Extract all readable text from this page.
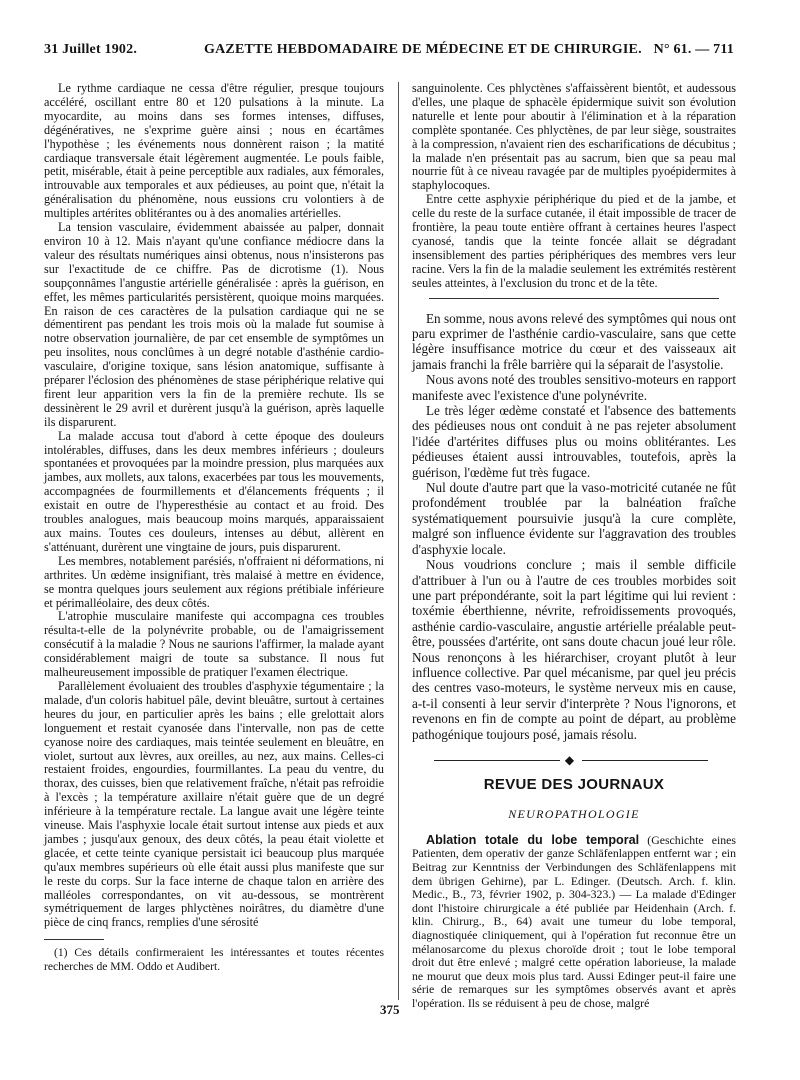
31 Juillet 1902.	GAZETTE HEBDOMADAIRE DE MÉDECINE ET DE CHIRURGIE. N° 61. — 711

Le rythme cardiaque ne cessa d'être régulier, presque toujours accéléré, oscillant entre 80 et 120 pulsations à la minute. La myocardite, au moins dans ses formes intenses, diffuses, dégénératives, ne s'exprime guère ainsi ; nous en écartâmes l'hypothèse ; les événements nous donnèrent raison ; la matité cardiaque transversale était légèrement augmentée. Le pouls faible, petit, misérable, était à peine perceptible aux radiales, aux fémorales, introuvable aux temporales et aux pédieuses, au point que, n'était la généralisation du phénomène, nous eussions cru volontiers à de multiples artérites oblitérantes ou à des anomalies artérielles.

La tension vasculaire, évidemment abaissée au palper, donnait environ 10 à 12. Mais n'ayant qu'une confiance médiocre dans la valeur des résultats numériques ainsi obtenus, nous n'insisterons pas sur l'exactitude de ce chiffre. Pas de dicrotisme (1). Nous soupçonnâmes l'angustie artérielle généralisée : après la guérison, en effet, les mêmes particularités persistèrent, quoique moins marquées. En raison de ces caractères de la pulsation cardiaque qui ne se démentirent pas pendant les trois mois où la malade fut soumise à notre observation journalière, de par cet ensemble de symptômes un peu insolites, nous conclûmes à un degré notable d'asthénie cardio-vasculaire, d'origine toxique, sans lésion anatomique, suffisante à préparer l'éclosion des phénomènes de stase périphérique relative qui firent leur apparition vers la fin de la première rechute. Ils se dessinèrent le 29 avril et durèrent jusqu'à la guérison, après laquelle ils disparurent.

La malade accusa tout d'abord à cette époque des douleurs intolérables, diffuses, dans les deux membres inférieurs ; douleurs spontanées et provoquées par la moindre pression, plus marquées aux jambes, aux mollets, aux talons, exacerbées par tous les mouvements, accompagnées de fourmillements et d'élancements fréquents ; il existait en outre de l'hyperesthésie au contact et au froid. Des troubles analogues, mais beaucoup moins marqués, apparaissaient aux mains. Toutes ces douleurs, intenses au début, allèrent en s'atténuant, durèrent une vingtaine de jours, puis disparurent.

Les membres, notablement parésiés, n'offraient ni déformations, ni arthrites. Un œdème insignifiant, très malaisé à mettre en évidence, se montra quelques jours seulement aux régions prétibiale inférieure et périmalléolaire, des deux côtés.

L'atrophie musculaire manifeste qui accompagna ces troubles résulta-t-elle de la polynévrite probable, ou de l'amaigrissement consécutif à la maladie ? Nous ne saurions l'affirmer, la malade ayant considérablement maigri de toute sa substance. Il nous fut malheureusement impossible de pratiquer l'examen électrique.

Parallèlement évoluaient des troubles d'asphyxie tégumentaire ; la malade, d'un coloris habituel pâle, devint bleuâtre, surtout à certaines heures du jour, en particulier après les bains ; elle grelottait alors longuement et restait cyanosée dans l'intervalle, non pas de cette cyanose noire des cardiaques, mais teintée seulement en bleuâtre, en violet, surtout aux lèvres, aux oreilles, au nez, aux mains. Celles-ci restaient froides, engourdies, fourmillantes. La peau du ventre, du thorax, des cuisses, bien que relativement fraîche, n'était pas refroidie à l'excès ; la température axillaire n'était guère que de un degré inférieure à la température rectale. La langue avait une légère teinte vineuse. Mais l'asphyxie locale était surtout intense aux pieds et aux jambes ; jusqu'aux genoux, des deux côtés, la peau était violette et glacée, et cette teinte cyanique persistait ici beaucoup plus marquée qu'aux membres supérieurs où elle était aussi plus manifeste que sur le reste du corps. Sur la face interne de chaque talon en arrière des malléoles correspondantes, on vit au-dessous, se montrèrent symétriquement de larges phlyctènes noirâtres, du diamètre d'une pièce de cinq francs, remplies d'une sérosité

(1) Ces détails confirmeraient les intéressantes et toutes récentes recherches de MM. Oddo et Audibert.

sanguinolente. Ces phlyctènes s'affaissèrent bientôt, et audessous d'elles, une plaque de sphacèle épidermique suivit son évolution naturelle et lente pour aboutir à l'élimination et à la réparation complète spontanée. Ces phlyctènes, de par leur siège, soustraites à la compression, n'avaient rien des escharifications de décubitus ; la malade n'en présentait pas au sacrum, bien que sa peau mal nourrie fût à ce niveau ravagée par de multiples pyoépidermites à staphylocoques.

Entre cette asphyxie périphérique du pied et de la jambe, et celle du reste de la surface cutanée, il était impossible de tracer de frontière, la peau toute entière offrant à certaines heures l'aspect cyanosé, tandis que la teinte foncée allait se dégradant insensiblement des parties périphériques des membres vers leur racine. Vers la fin de la maladie seulement les extrémités restèrent seules atteintes, à l'exclusion du tronc et de la tête.

En somme, nous avons relevé des symptômes qui nous ont paru exprimer de l'asthénie cardio-vasculaire, sans que cette légère insuffisance motrice du cœur et des vaisseaux ait jamais franchi la frêle barrière qui la séparait de l'asystolie.

Nous avons noté des troubles sensitivo-moteurs en rapport manifeste avec l'existence d'une polynévrite.

Le très léger œdème constaté et l'absence des battements des pédieuses nous ont conduit à ne pas rejeter absolument l'idée d'artérites diffuses plus ou moins oblitérantes. Les pédieuses étaient aussi introuvables, toutefois, après la guérison, l'œdème fut très fugace.

Nul doute d'autre part que la vaso-motricité cutanée ne fût profondément troublée par la balnéation fraîche systématiquement poursuivie jusqu'à la cure complète, malgré son influence évidente sur l'aggravation des troubles d'asphyxie locale.

Nous voudrions conclure ; mais il semble difficile d'attribuer à l'un ou à l'autre de ces troubles morbides soit une part prépondérante, soit la part légitime qui lui revient : toxémie éberthienne, névrite, refroidissements provoqués, asthénie cardio-vasculaire, angustie artérielle préalable peut-être, poussées d'artérite, ont sans doute chacun joué leur rôle. Nous renonçons à les hiérarchiser, croyant plutôt à leur influence collective. Par quel mécanisme, par quel jeu précis des centres vaso-moteurs, le système nerveux mis en cause, a-t-il consenti à leur servir d'interprète ? Nous l'ignorons, et revenons en fin de compte au point de départ, au problème pathogénique toujours posé, jamais résolu.

◆
REVUE DES JOURNAUX
NEUROPATHOLOGIE

Ablation totale du lobe temporal (Geschichte eines Patienten, dem operativ der ganze Schläfenlappen entfernt war ; ein Beitrag zur Kenntniss der Verbindungen des Schläfenlappens mit dem übrigen Gehirne), par L. Edinger. (Deutsch. Arch. f. klin. Medic., B., 73, février 1902, p. 304-323.) — La malade d'Edinger dont l'histoire chirurgicale a été publiée par Heidenhain (Arch. f. klin. Chirurg., B., 64) avait une tumeur du lobe temporal, diagnostiquée cliniquement, qui à l'opération fut reconnue être un mélanosarcome du plexus choroïde droit ; tout le lobe temporal droit dut être enlevé ; malgré cette opération laborieuse, la malade ne mourut que deux mois plus tard. Aussi Edinger peut-il faire une série de remarques sur les symptômes observés avant et après l'opération. Ils se réduisent à peu de chose, malgré

375
